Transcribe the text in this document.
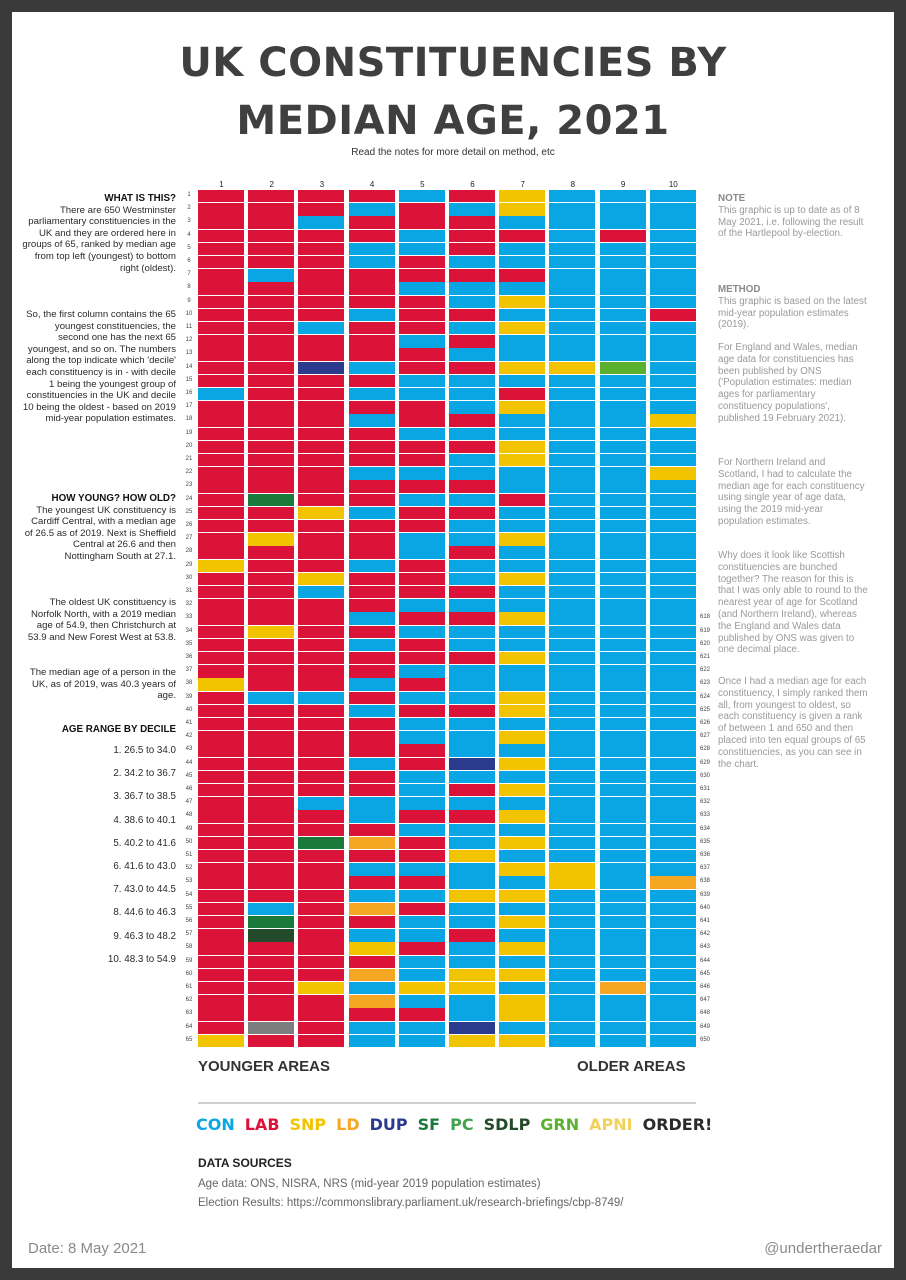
UK CONSTITUENCIES BY
MEDIAN AGE, 2021
Read the notes for more detail on method, etc
WHAT IS THIS?
There are 650 Westminster parliamentary constituencies in the UK and they are ordered here in groups of 65, ranked by median age from top left (youngest) to bottom right (oldest).
So, the first column contains the 65 youngest constituencies, the second one has the next 65 youngest, and so on. The numbers along the top indicate which 'decile' each constituency is in - with decile 1 being the youngest group of constituencies in the UK and decile 10 being the oldest - based on 2019 mid-year population estimates.
HOW YOUNG? HOW OLD?
The youngest UK constituency is Cardiff Central, with a median age of 26.5 as of 2019. Next is Sheffield Central at 26.6 and then Nottingham South at 27.1.
The oldest UK constituency is Norfolk North, with a 2019 median age of 54.9, then Christchurch at 53.9 and New Forest West at 53.8.
The median age of a person in the UK, as of 2019, was 40.3 years of age.
AGE RANGE BY DECILE
1. 26.5 to 34.0
2. 34.2 to 36.7
3. 36.7 to 38.5
4. 38.6 to 40.1
5. 40.2 to 41.6
6. 41.6 to 43.0
7. 43.0 to 44.5
8. 44.6 to 46.3
9. 46.3 to 48.2
10. 48.3 to 54.9
NOTE
This graphic is up to date as of 8 May 2021, i.e. following the result of the Hartlepool by-election.
METHOD
This graphic is based on the latest mid-year population estimates (2019).
For England and Wales, median age data for constituencies has been published by ONS ('Population estimates: median ages for parliamentary constituency populations', published 19 February 2021).
For Northern Ireland and Scotland, I had to calculate the median age for each constituency using single year of age data, using the 2019 mid-year population estimates.
Why does it look like Scottish constituencies are bunched together? The reason for this is that I was only able to round to the nearest year of age for Scotland (and Northern Ireland), whereas the England and Wales data published by ONS was given to one decimal place.
Once I had a median age for each constituency, I simply ranked them all, from youngest to oldest, so each constituency is given a rank of between 1 and 650 and then placed into ten equal groups of 65 constituencies, as you can see in the chart.
1	2	3	4	5	6	7	8	9	10
1
2
3
4
5
6
7
8
9
10
11
12
13
14
15
16
17
18
19
20
21
22
23
24
25
26
27
28
29
30
31
32
33
34
35
36
37
38
39
40
41
42
43
44
45
46
47
48
49
50
51
52
53
54
55
56
57
58
59
60
61
62
63
64
65
618
619
620
621
622
623
624
625
626
627
628
629
630
631
632
633
634
635
636
637
638
639
640
641
642
643
644
645
646
647
648
649
650
YOUNGER AREAS	OLDER AREAS
CON LAB SNP LD DUP SF PC SDLP GRN APNI ORDER!
DATA SOURCES
Age data: ONS, NISRA, NRS (mid-year 2019 population estimates)
Election Results: https://commonslibrary.parliament.uk/research-briefings/cbp-8749/
Date: 8 May 2021	@undertheraedar
